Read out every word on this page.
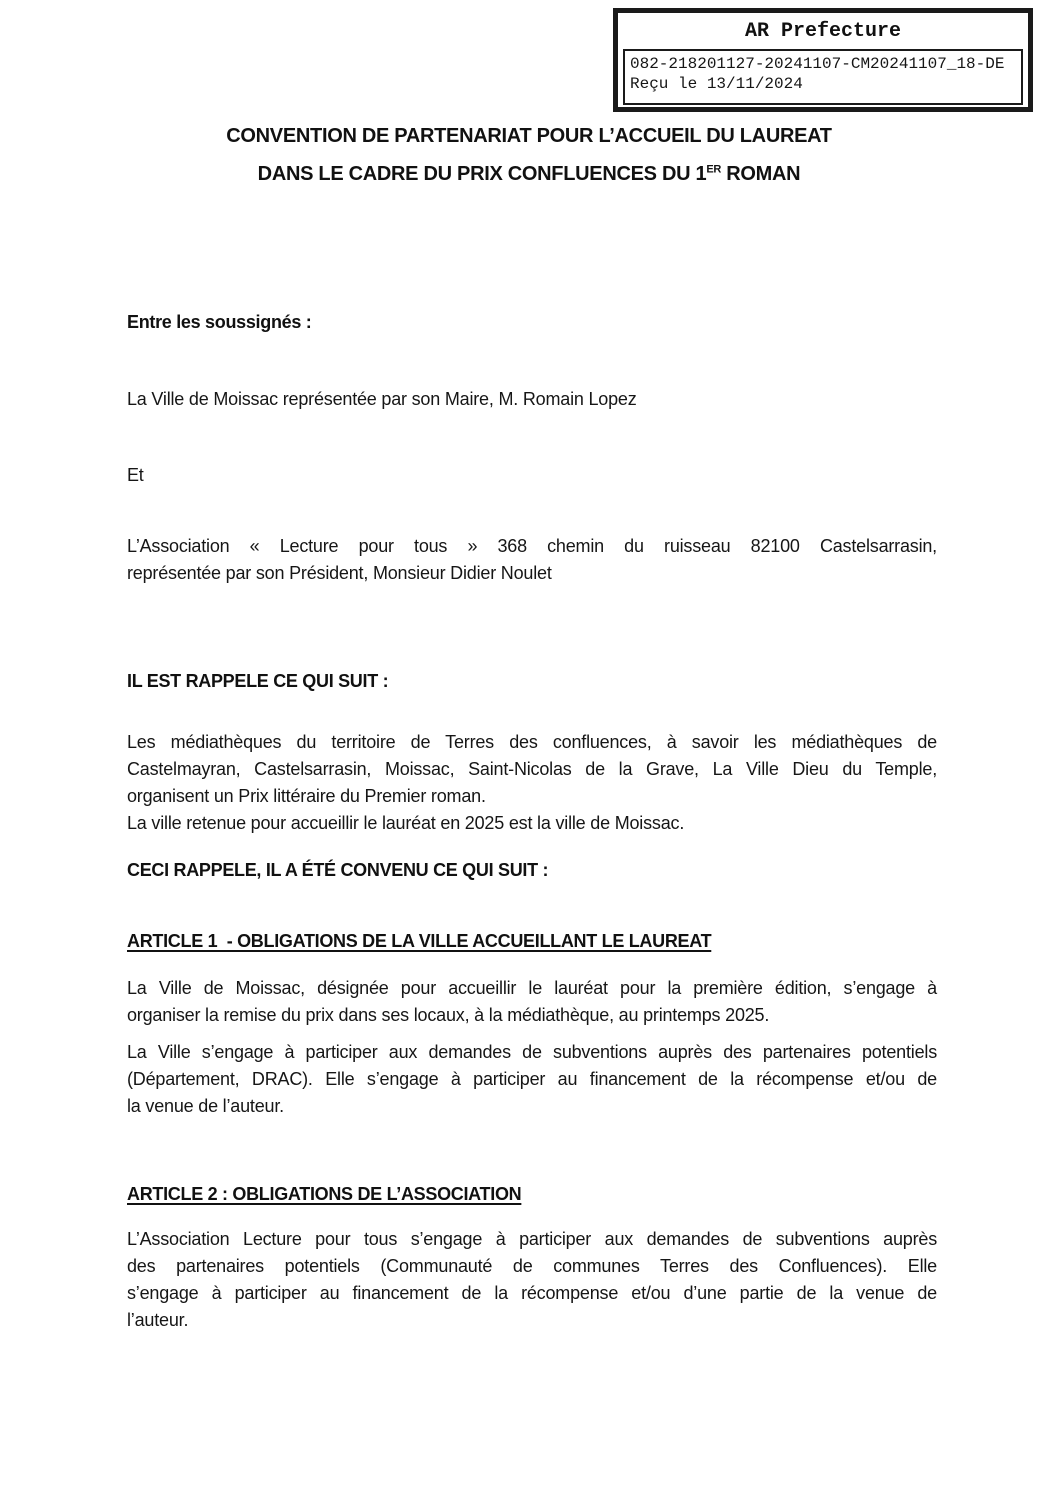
AR Prefecture
082-218201127-20241107-CM20241107_18-DE
Reçu le 13/11/2024
CONVENTION DE PARTENARIAT POUR L’ACCUEIL DU LAUREAT
DANS LE CADRE DU PRIX CONFLUENCES DU 1ER ROMAN
Entre les soussignés :
La Ville de Moissac représentée par son Maire, M. Romain Lopez
Et
L’Association « Lecture pour tous » 368 chemin du ruisseau 82100 Castelsarrasin,
représentée par son Président, Monsieur Didier Noulet
IL EST RAPPELE CE QUI SUIT :
Les médiathèques du territoire de Terres des confluences, à savoir les médiathèques de
Castelmayran, Castelsarrasin, Moissac, Saint-Nicolas de la Grave, La Ville Dieu du Temple,
organisent un Prix littéraire du Premier roman.
La ville retenue pour accueillir le lauréat en 2025 est la ville de Moissac.
CECI RAPPELE, IL A ÉTÉ CONVENU CE QUI SUIT :
ARTICLE 1  - OBLIGATIONS DE LA VILLE ACCUEILLANT LE LAUREAT
La Ville de Moissac, désignée pour accueillir le lauréat pour la première édition, s’engage à
organiser la remise du prix dans ses locaux, à la médiathèque, au printemps 2025.
La Ville s’engage à participer aux demandes de subventions auprès des partenaires potentiels
(Département, DRAC). Elle s’engage à participer au financement de la récompense et/ou de
la venue de l’auteur.
ARTICLE 2 : OBLIGATIONS DE L’ASSOCIATION
L’Association Lecture pour tous s’engage à participer aux demandes de subventions auprès
des partenaires potentiels (Communauté de communes Terres des Confluences). Elle
s’engage à participer au financement de la récompense et/ou d’une partie de la venue de
l’auteur.
